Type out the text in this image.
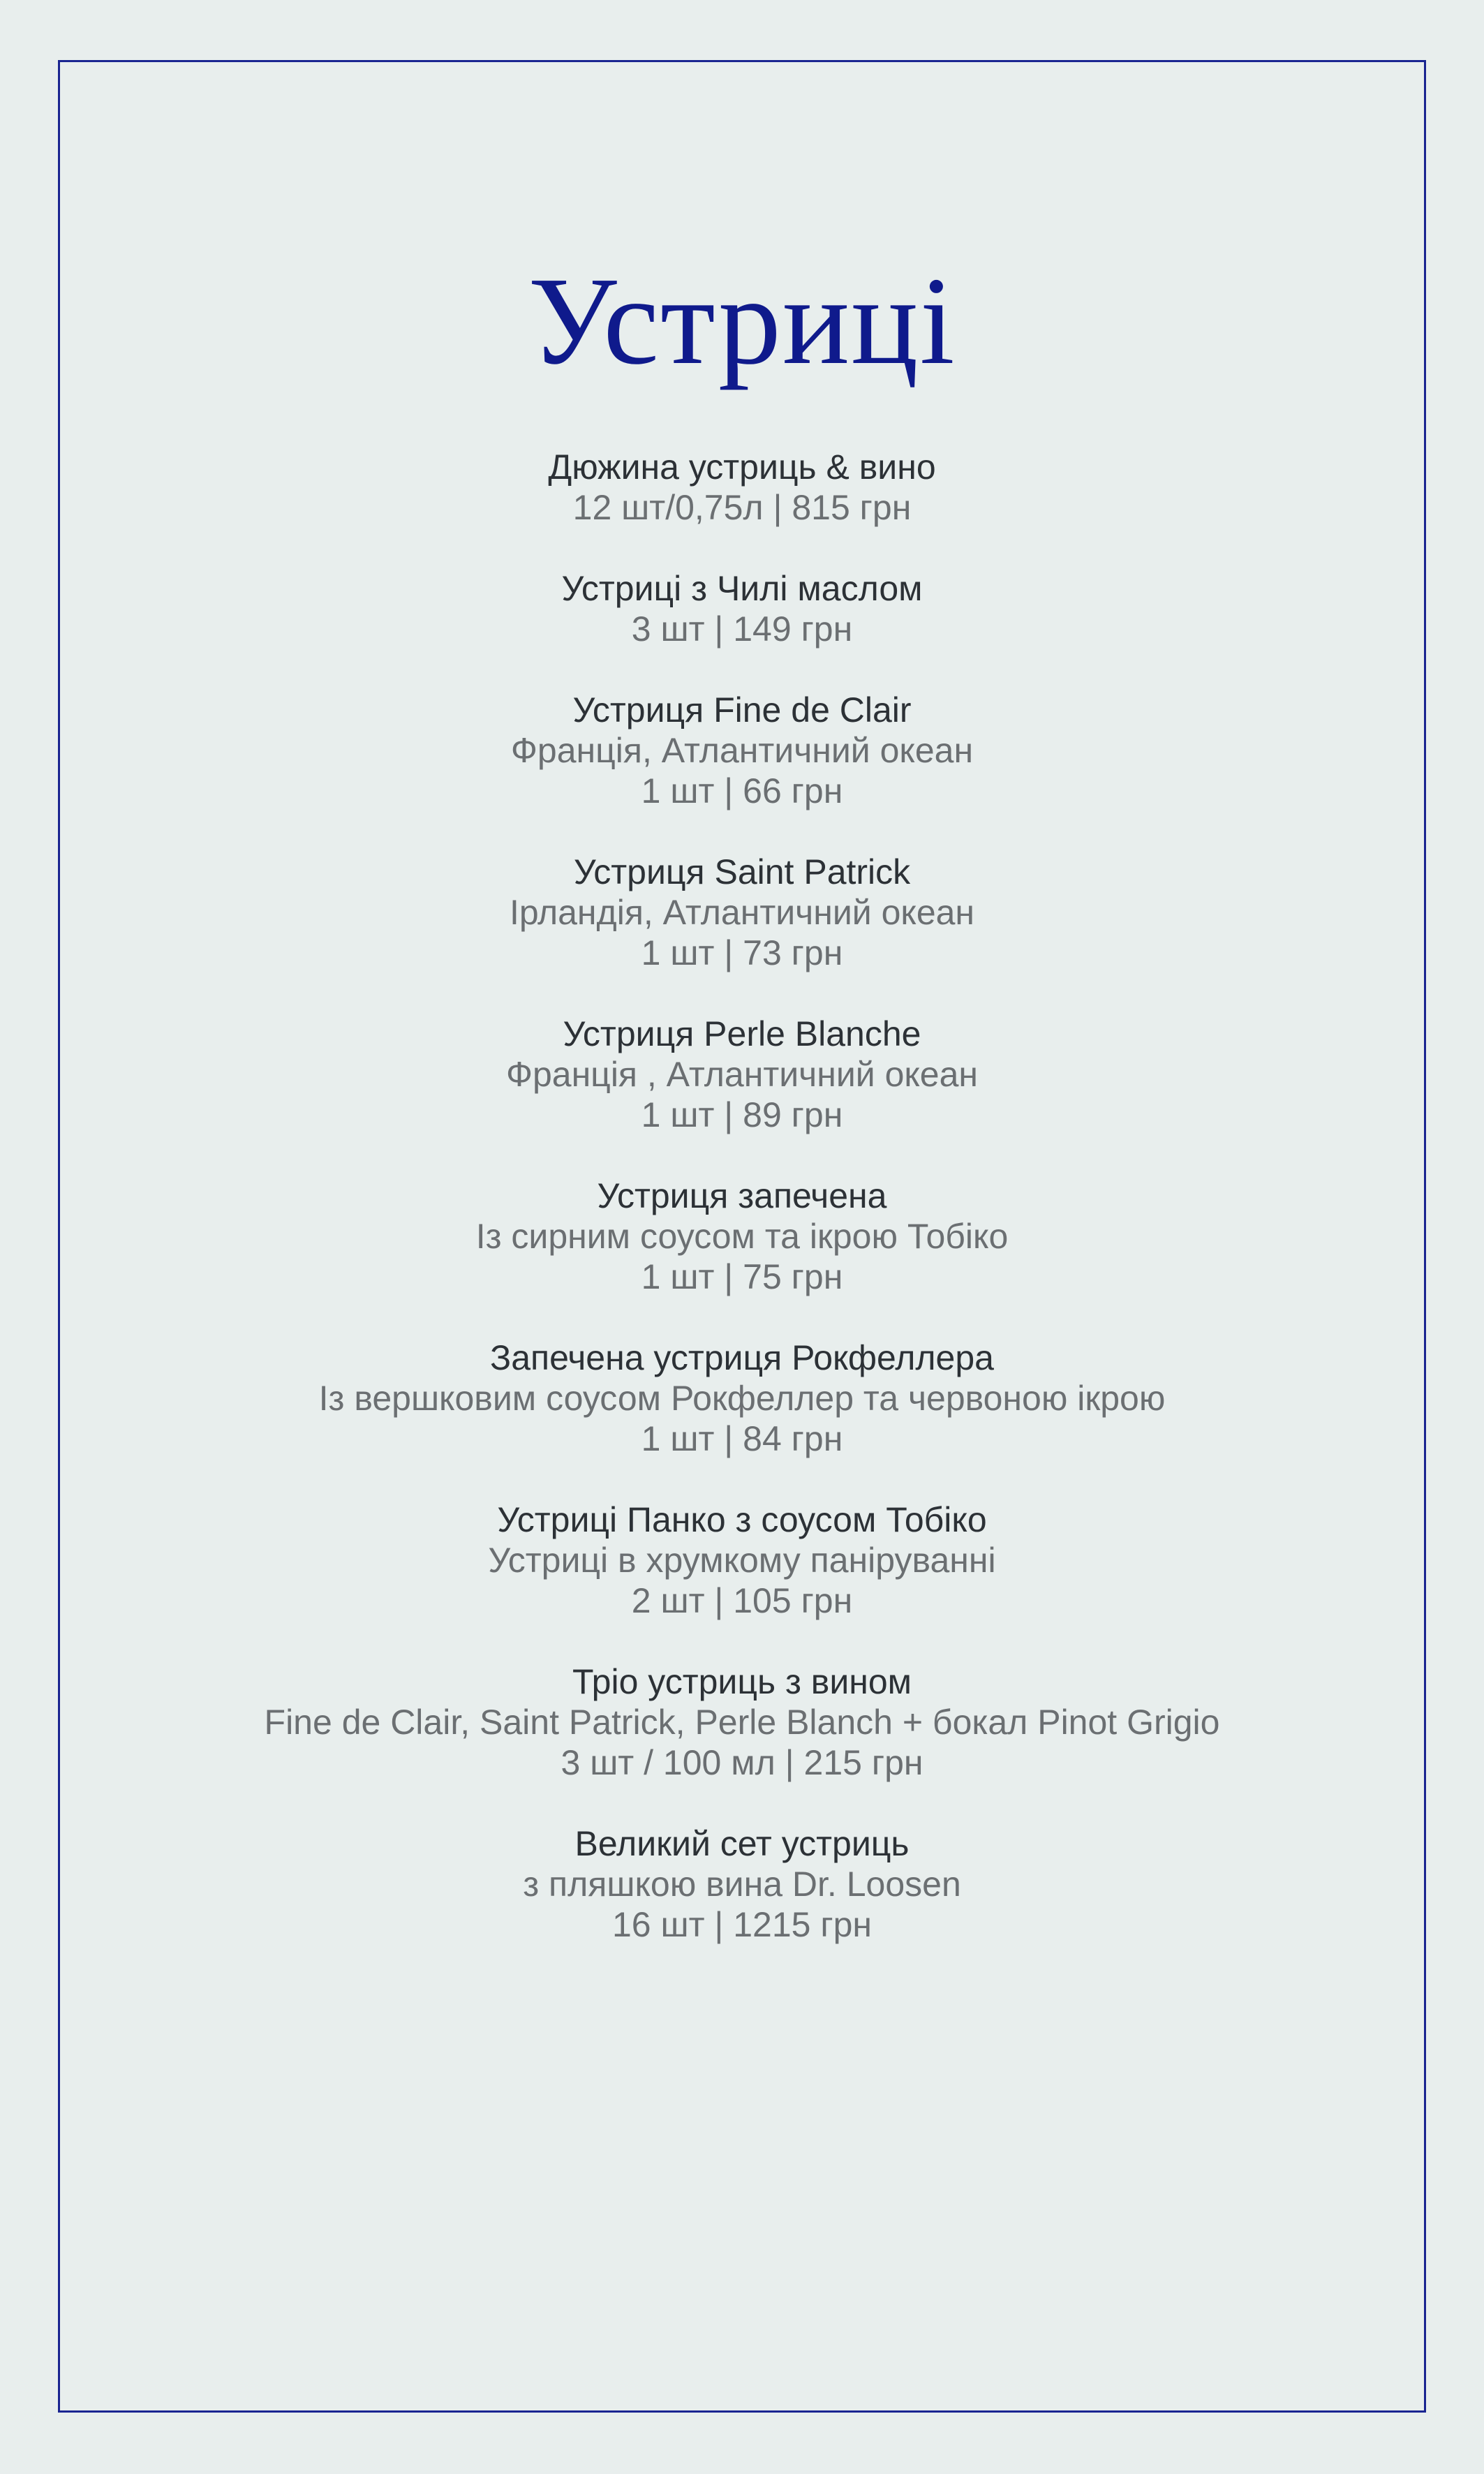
Устриці
Дюжина устриць & вино
12 шт/0,75л | 815 грн
Устриці з Чилі маслом
3 шт | 149 грн
Устриця Fine de Clair
Франція, Атлантичний океан
1 шт | 66 грн
Устриця Saint Patrick
Ірландія, Атлантичний океан
1 шт | 73 грн
Устриця Perle Blanche
Франція , Атлантичний океан
1 шт | 89 грн
Устриця запечена
Із сирним соусом та ікрою Тобіко
1 шт | 75 грн
Запечена устриця Рокфеллера
Із вершковим соусом Рокфеллер та червоною ікрою
1 шт | 84 грн
Устриці Панко з соусом Тобіко
Устриці в хрумкому паніруванні
2 шт | 105 грн
Тріо устриць з вином
Fine de Clair, Saint Patrick, Perle Blanch + бокал Pinot Grigio
3 шт / 100 мл | 215 грн
Великий сет устриць
з пляшкою вина Dr. Loosen
16 шт | 1215 грн
